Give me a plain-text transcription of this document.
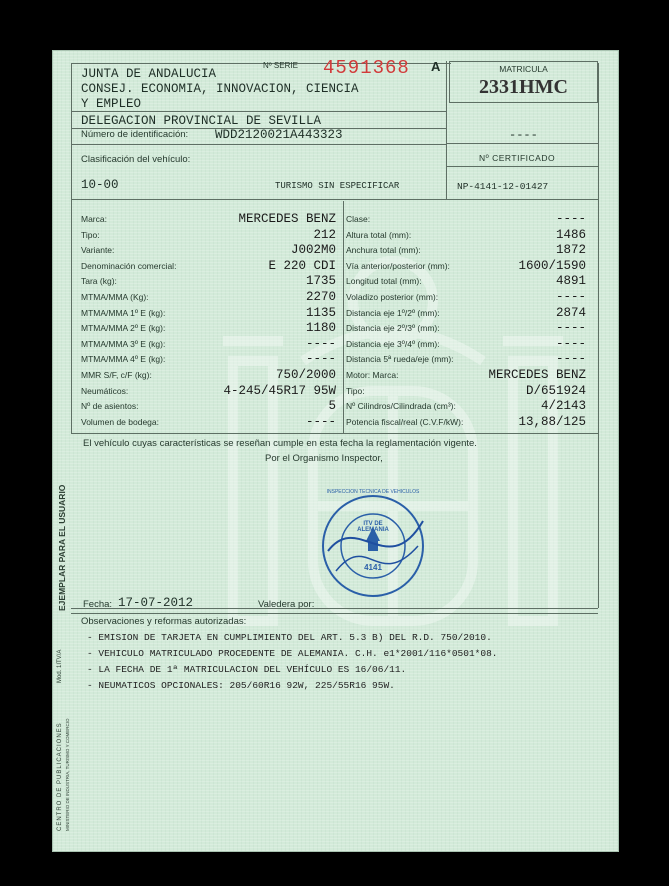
JUNTA DE ANDALUCIA
Nº SERIE 4591368 A
CONSEJ. ECONOMIA, INNOVACION, CIENCIA
Y EMPLEO
DELEGACION PROVINCIAL DE SEVILLA
MATRICULA
2331HMC
Número de identificación: WDD2120021A443323	----
Clasificación del vehículo:	Nº CERTIFICADO
10-00	TURISMO SIN ESPECIFICAR	NP-4141-12-01427
Marca:	MERCEDES BENZ
Tipo:	212
Variante:	J002M0
Denominación comercial:	E 220 CDI
Tara (kg):	1735
MTMA/MMA (Kg):	2270
MTMA/MMA 1º E (kg):	1135
MTMA/MMA 2º E (kg):	1180
MTMA/MMA 3º E (kg):	----
MTMA/MMA 4º E (kg):	----
MMR S/F, c/F (kg):	750/2000
Neumáticos:	4-245/45R17 95W
Nº de asientos:	5
Volumen de bodega:	----
Clase:	----
Altura total (mm):	1486
Anchura total (mm):	1872
Vía anterior/posterior (mm):	1600/1590
Longitud total (mm):	4891
Voladizo posterior (mm):	----
Distancia eje 1º/2º (mm):	2874
Distancia eje 2º/3º (mm):	----
Distancia eje 3º/4º (mm):	----
Distancia 5ª rueda/eje (mm):	----
Motor: Marca:	MERCEDES BENZ
Tipo:	D/651924
Nº Cilindros/Cilindrada (cm³):	4/2143
Potencia fiscal/real (C.V.F/kW):	13,88/125
El vehículo cuyas características se reseñan cumple en esta fecha la reglamentación vigente.
Por el Organismo Inspector,
ITV DE ALEMANIA
4141
INSPECCION TECNICA DE VEHICULOS
Fecha: 17-07-2012	Valedera por:
Observaciones y reformas autorizadas:
- EMISION DE TARJETA EN CUMPLIMIENTO DEL ART. 5.3 B) DEL R.D. 750/2010.
- VEHICULO MATRICULADO PROCEDENTE DE ALEMANIA. C.H. e1*2001/116*0501*08.
- LA FECHA DE 1ª MATRICULACION DEL VEHÍCULO ES 16/06/11.
- NEUMATICOS OPCIONALES: 205/60R16 92W, 225/55R16 95W.
EJEMPLAR PARA EL USUARIO
Mod. 1ITV/A
CENTRO DE PUBLICACIONES MINISTERIO DE INDUSTRIA, TURISMO Y COMERCIO
